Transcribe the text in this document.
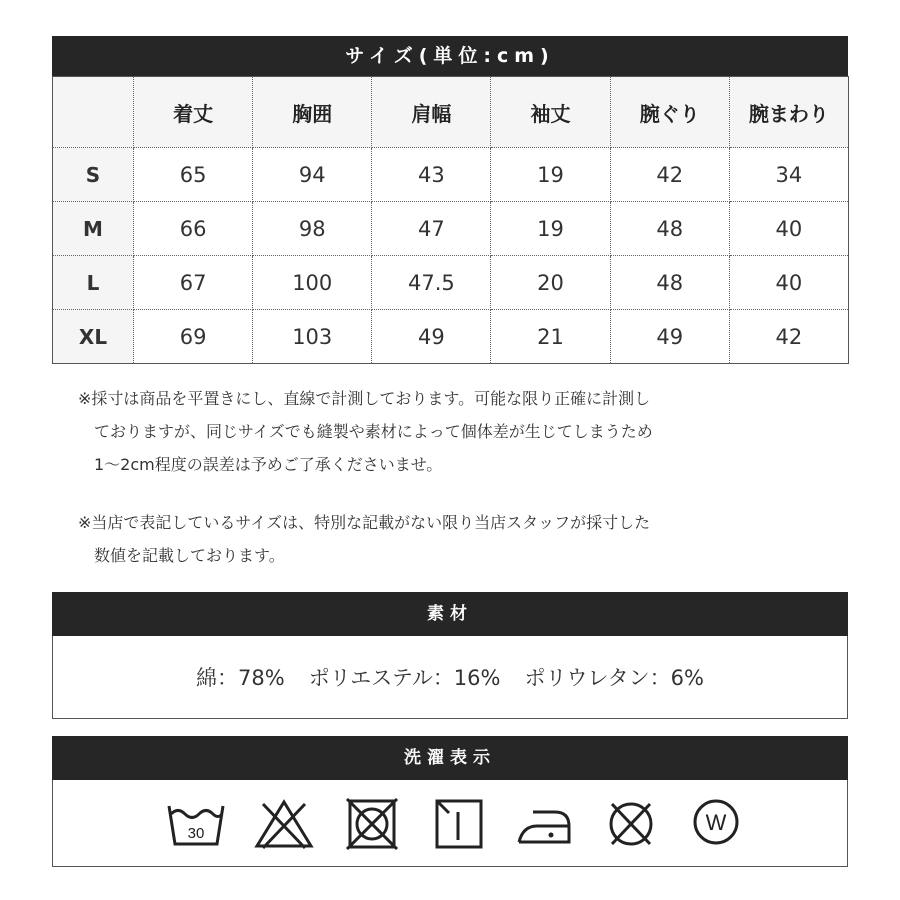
サイズ(単位:cm)
	着丈	胸囲	肩幅	袖丈	腕ぐり	腕まわり
S	65	94	43	19	42	34
M	66	98	47	19	48	40
L	67	100	47.5	20	48	40
XL	69	103	49	21	49	42
※採寸は商品を平置きにし、直線で計測しております。可能な限り正確に計測し
ておりますが、同じサイズでも縫製や素材によって個体差が生じてしまうため
1〜2cm程度の誤差は予めご了承くださいませ。
※当店で表記しているサイズは、特別な記載がない限り当店スタッフが採寸した
数値を記載しております。
素材
綿：78% ポリエステル：16% ポリウレタン：6%
洗濯表示
30	W
